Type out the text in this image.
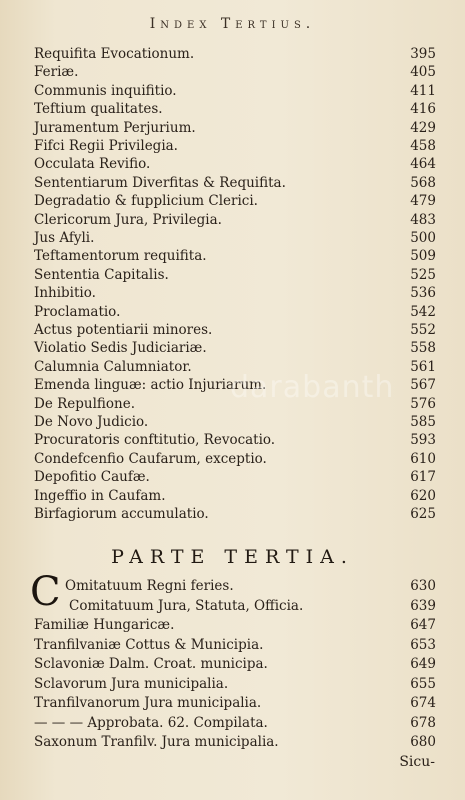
Index Tertius.
Requifita Evocationum.	395
Feriæ.	405
Communis inquifitio.	411
Teftium qualitates.	416
Juramentum Perjurium.	429
Fifci Regii Privilegia.	458
Occulata Revifio.	464
Sententiarum Diverfitas & Requifita.	568
Degradatio & fupplicium Clerici.	479
Clericorum Jura, Privilegia.	483
Jus Afyli.	500
Teftamentorum requifita.	509
Sententia Capitalis.	525
Inhibitio.	536
Proclamatio.	542
Actus potentiarii minores.	552
Violatio Sedis Judiciariæ.	558
Calumnia Calumniator.	561
Emenda linguæ: actio Injuriarum.	567
De Repulfione.	576
De Novo Judicio.	585
Procuratoris conftitutio, Revocatio.	593
Condefcenfio Caufarum, exceptio.	610
Depofitio Caufæ.	617
Ingeffio in Caufam.	620
Birfagiorum accumulatio.	625
PARTE TERTIA.
C Omitatuum Regni feries.	630
Comitatuum Jura, Statuta, Officia.	639
Familiæ Hungaricæ.	647
Tranfilvaniæ Cottus & Municipia.	653
Sclavoniæ Dalm. Croat. municipa.	649
Sclavorum Jura municipalia.	655
Tranfilvanorum Jura municipalia.	674
— — — Approbata. 62. Compilata.	678
Saxonum Tranfilv. Jura municipalia.	680
Sicu-
darabanth
